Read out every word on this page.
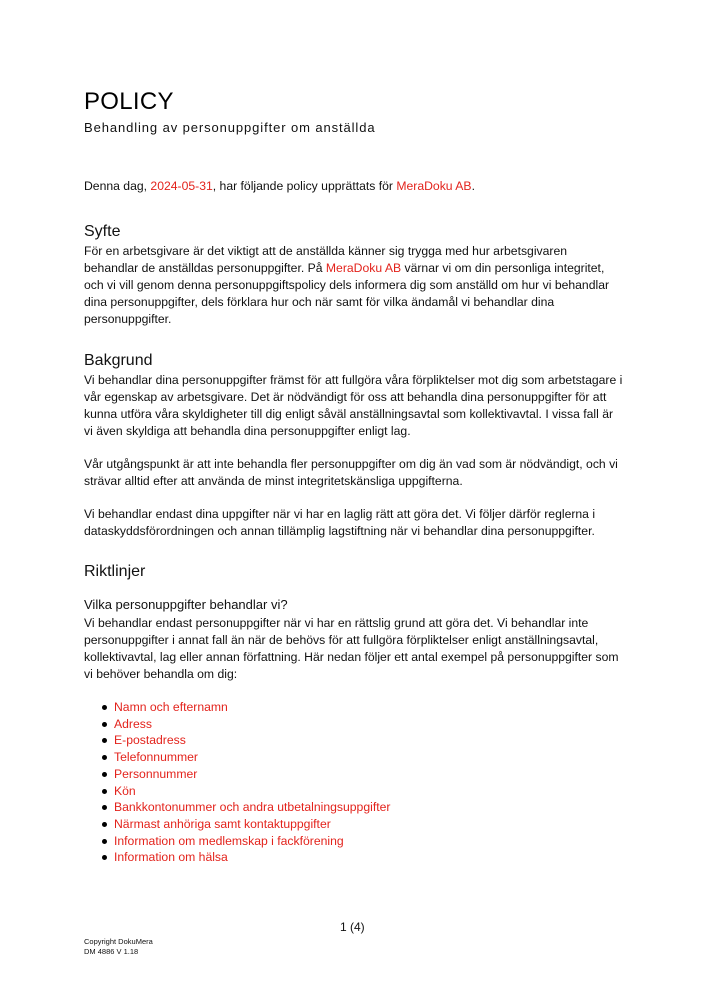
POLICY
Behandling av personuppgifter om anställda

Denna dag, 2024-05-31, har följande policy upprättats för MeraDoku AB.

Syfte

För en arbetsgivare är det viktigt att de anställda känner sig trygga med hur arbetsgivaren behandlar de anställdas personuppgifter. På MeraDoku AB värnar vi om din personliga integritet, och vi vill genom denna personuppgiftspolicy dels informera dig som anställd om hur vi behandlar dina personuppgifter, dels förklara hur och när samt för vilka ändamål vi behandlar dina personuppgifter.

Bakgrund

Vi behandlar dina personuppgifter främst för att fullgöra våra förpliktelser mot dig som arbetstagare i vår egenskap av arbetsgivare. Det är nödvändigt för oss att behandla dina personuppgifter för att kunna utföra våra skyldigheter till dig enligt såväl anställningsavtal som kollektivavtal. I vissa fall är vi även skyldiga att behandla dina personuppgifter enligt lag.

Vår utgångspunkt är att inte behandla fler personuppgifter om dig än vad som är nödvändigt, och vi strävar alltid efter att använda de minst integritetskänsliga uppgifterna.

Vi behandlar endast dina uppgifter när vi har en laglig rätt att göra det. Vi följer därför reglerna i dataskyddsförordningen och annan tillämplig lagstiftning när vi behandlar dina personuppgifter.

Riktlinjer
Vilka personuppgifter behandlar vi?

Vi behandlar endast personuppgifter när vi har en rättslig grund att göra det. Vi behandlar inte personuppgifter i annat fall än när de behövs för att fullgöra förpliktelser enligt anställningsavtal, kollektivavtal, lag eller annan författning. Här nedan följer ett antal exempel på personuppgifter som vi behöver behandla om dig:

Namn och efternamn
Adress
E-postadress
Telefonnummer
Personnummer
Kön
Bankkontonummer och andra utbetalningsuppgifter
Närmast anhöriga samt kontaktuppgifter
Information om medlemskap i fackförening
Information om hälsa
1 (4)
Copyright DokuMera
DM 4886 V 1.18
